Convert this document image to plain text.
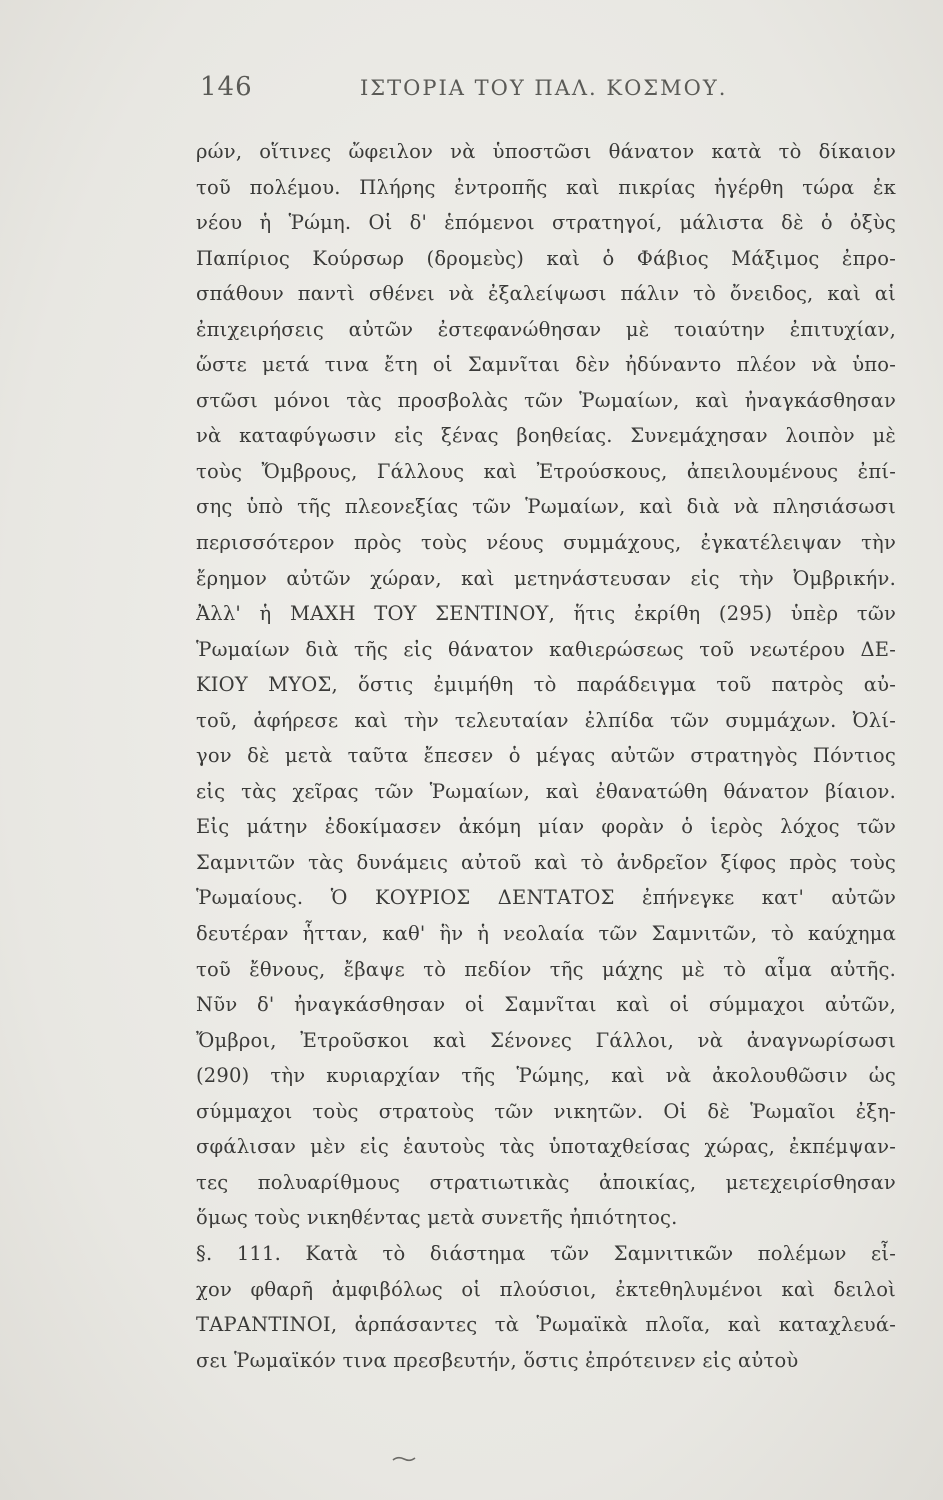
146	ΙΣΤΟΡΙΑ ΤΟΥ ΠΑΛ. ΚΟΣΜΟΥ.
ρών, οἵτινες ὤφειλον νὰ ὑποστῶσι θάνατον κατὰ τὸ δίκαιον
τοῦ πολέμου. Πλήρης ἐντροπῆς καὶ πικρίας ἠγέρθη τώρα ἐκ
νέου ἡ Ῥώμη. Οἱ δ' ἑπόμενοι στρατηγοί, μάλιστα δὲ ὁ ὀξὺς
Παπίριος Κούρσωρ (δρομεὺς) καὶ ὁ Φάβιος Μάξιμος ἐπρο-
σπάθουν παντὶ σθένει νὰ ἐξαλείψωσι πάλιν τὸ ὄνειδος, καὶ αἱ
ἐπιχειρήσεις αὐτῶν ἐστεφανώθησαν μὲ τοιαύτην ἐπιτυχίαν,
ὥστε μετά τινα ἔτη οἱ Σαμνῖται δὲν ἠδύναντο πλέον νὰ ὑπο-
στῶσι μόνοι τὰς προσβολὰς τῶν Ῥωμαίων, καὶ ἠναγκάσθησαν
νὰ καταφύγωσιν εἰς ξένας βοηθείας. Συνεμάχησαν λοιπὸν μὲ
τοὺς Ὄμβρους, Γάλλους καὶ Ἐτρούσκους, ἀπειλουμένους ἐπί-
σης ὑπὸ τῆς πλεονεξίας τῶν Ῥωμαίων, καὶ διὰ νὰ πλησιάσωσι
περισσότερον πρὸς τοὺς νέους συμμάχους, ἐγκατέλειψαν τὴν
ἔρημον αὐτῶν χώραν, καὶ μετηνάστευσαν εἰς τὴν Ὀμβρικήν.
Ἀλλ' ἡ ΜΑΧΗ ΤΟΥ ΣΕΝΤΙΝΟΥ, ἥτις ἐκρίθη (295) ὑπὲρ τῶν
Ῥωμαίων διὰ τῆς εἰς θάνατον καθιερώσεως τοῦ νεωτέρου ΔΕ-
ΚΙΟΥ ΜΥΟΣ, ὅστις ἐμιμήθη τὸ παράδειγμα τοῦ πατρὸς αὐ-
τοῦ, ἀφήρεσε καὶ τὴν τελευταίαν ἐλπίδα τῶν συμμάχων. Ὀλί-
γον δὲ μετὰ ταῦτα ἔπεσεν ὁ μέγας αὐτῶν στρατηγὸς Πόντιος
εἰς τὰς χεῖρας τῶν Ῥωμαίων, καὶ ἐθανατώθη θάνατον βίαιον.
Εἰς μάτην ἐδοκίμασεν ἀκόμη μίαν φορὰν ὁ ἱερὸς λόχος τῶν
Σαμνιτῶν τὰς δυνάμεις αὐτοῦ καὶ τὸ ἀνδρεῖον ξίφος πρὸς τοὺς
Ῥωμαίους. Ὁ ΚΟΥΡΙΟΣ ΔΕΝΤΑΤΟΣ ἐπήνεγκε κατ' αὐτῶν
δευτέραν ἧτταν, καθ' ἣν ἡ νεολαία τῶν Σαμνιτῶν, τὸ καύχημα
τοῦ ἔθνους, ἔβαψε τὸ πεδίον τῆς μάχης μὲ τὸ αἷμα αὐτῆς.
Νῦν δ' ἠναγκάσθησαν οἱ Σαμνῖται καὶ οἱ σύμμαχοι αὐτῶν,
Ὄμβροι, Ἐτροῦσκοι καὶ Σένονες Γάλλοι, νὰ ἀναγνωρίσωσι
(290) τὴν κυριαρχίαν τῆς Ῥώμης, καὶ νὰ ἀκολουθῶσιν ὡς
σύμμαχοι τοὺς στρατοὺς τῶν νικητῶν. Οἱ δὲ Ῥωμαῖοι ἐξη-
σφάλισαν μὲν εἰς ἑαυτοὺς τὰς ὑποταχθείσας χώρας, ἐκπέμψαν-
τες πολυαρίθμους στρατιωτικὰς ἀποικίας, μετεχειρίσθησαν
ὅμως τοὺς νικηθέντας μετὰ συνετῆς ἠπιότητος.
§. 111. Κατὰ τὸ διάστημα τῶν Σαμνιτικῶν πολέμων εἶ-
χον φθαρῆ ἀμφιβόλως οἱ πλούσιοι, ἐκτεθηλυμένοι καὶ δειλοὶ
ΤΑΡΑΝΤΙΝΟΙ, ἁρπάσαντες τὰ Ῥωμαϊκὰ πλοῖα, καὶ καταχλευά-
σει Ῥωμαϊκόν τινα πρεσβευτήν, ὅστις ἐπρότεινεν εἰς αὐτοὺ
